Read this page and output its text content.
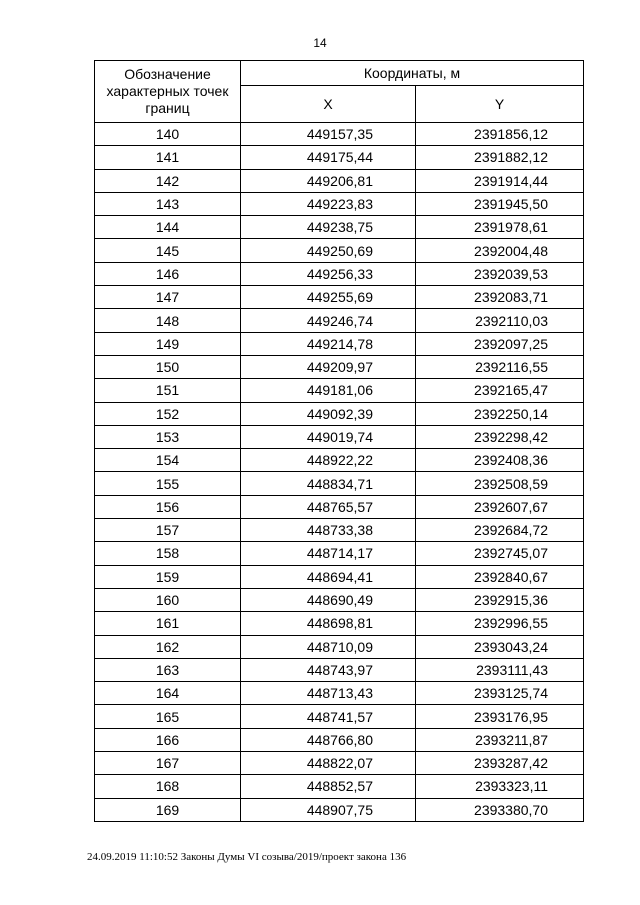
14
Обозначение характерных точек границ	Координаты, м	
	X	Y
140	449157,35	2391856,12
141	449175,44	2391882,12
142	449206,81	2391914,44
143	449223,83	2391945,50
144	449238,75	2391978,61
145	449250,69	2392004,48
146	449256,33	2392039,53
147	449255,69	2392083,71
148	449246,74	2392110,03
149	449214,78	2392097,25
150	449209,97	2392116,55
151	449181,06	2392165,47
152	449092,39	2392250,14
153	449019,74	2392298,42
154	448922,22	2392408,36
155	448834,71	2392508,59
156	448765,57	2392607,67
157	448733,38	2392684,72
158	448714,17	2392745,07
159	448694,41	2392840,67
160	448690,49	2392915,36
161	448698,81	2392996,55
162	448710,09	2393043,24
163	448743,97	2393111,43
164	448713,43	2393125,74
165	448741,57	2393176,95
166	448766,80	2393211,87
167	448822,07	2393287,42
168	448852,57	2393323,11
169	448907,75	2393380,70
24.09.2019 11:10:52 Законы Думы VI созыва/2019/проект закона 136
